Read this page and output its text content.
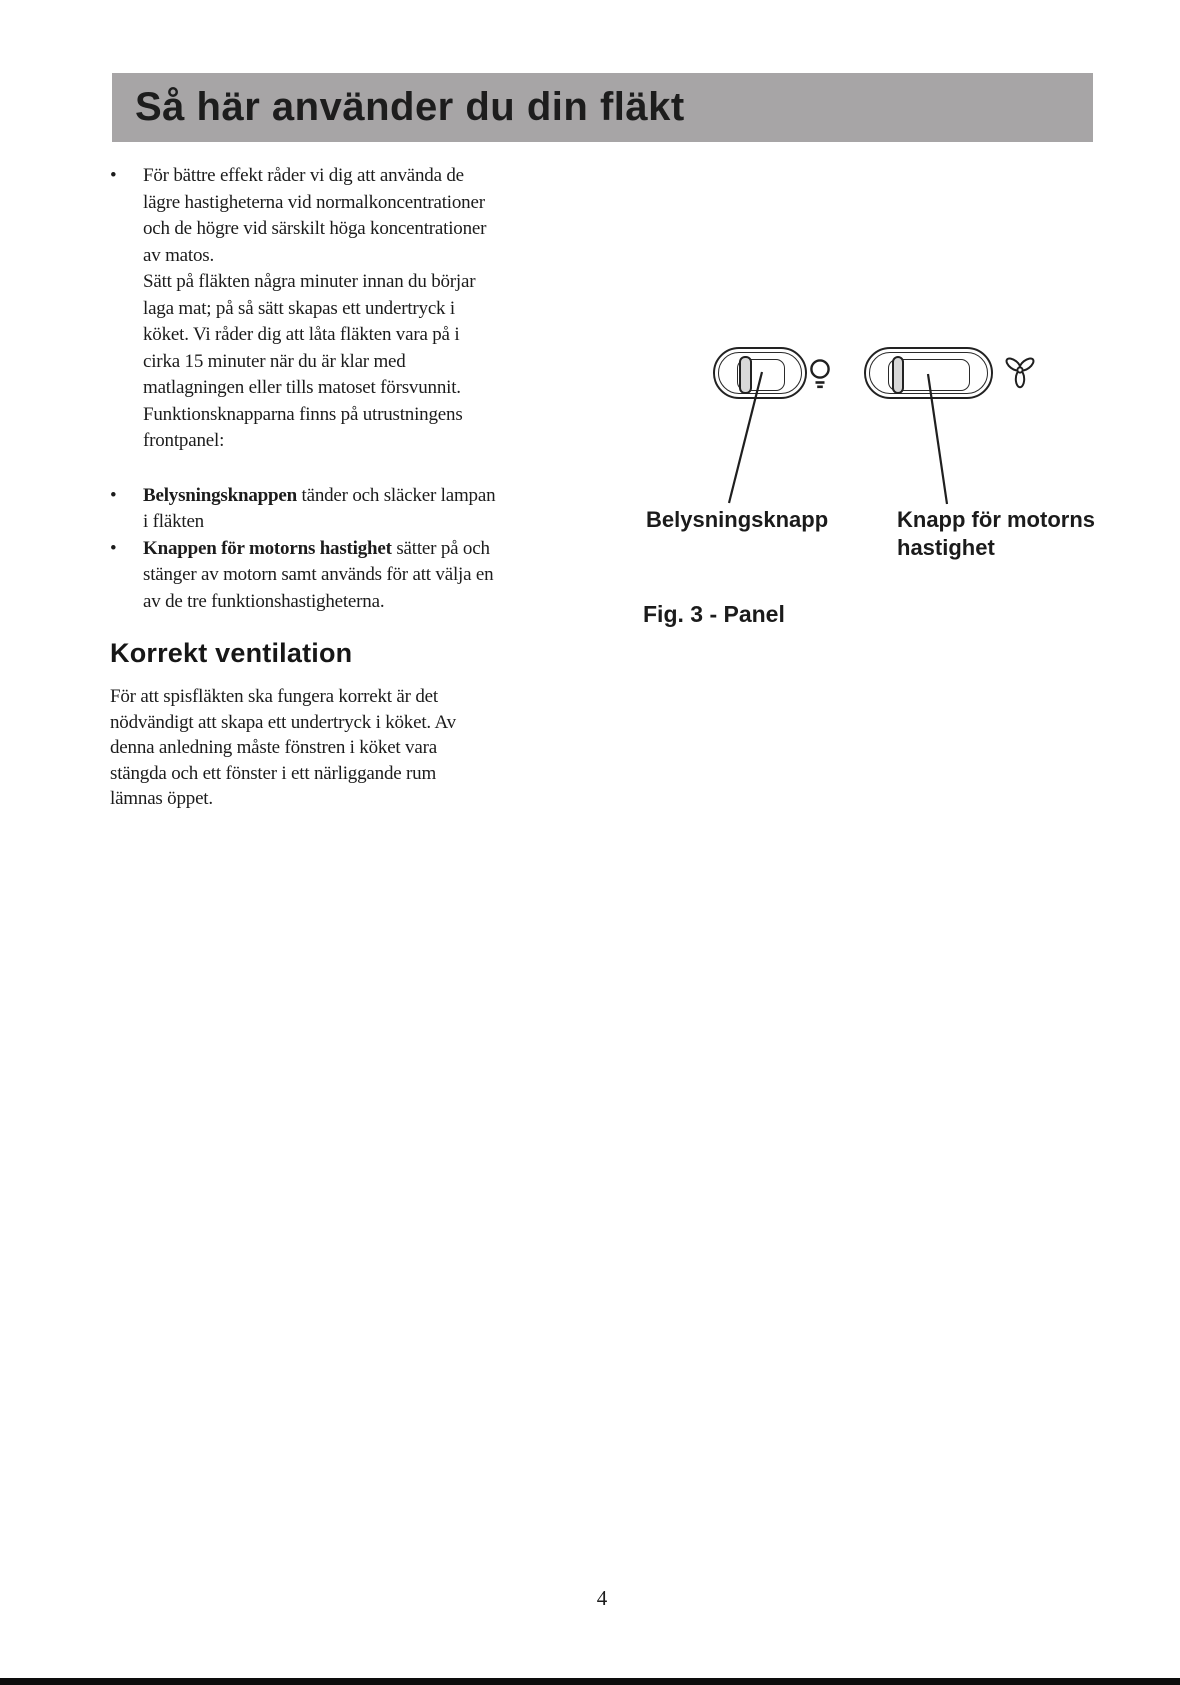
Så här använder du din fläkt
•	För bättre effekt råder vi dig att använda de
lägre hastigheterna vid normalkoncentrationer
och de högre vid särskilt höga koncentrationer
av matos.
Sätt på fläkten några minuter innan du börjar
laga mat; på så sätt skapas ett undertryck i
köket. Vi råder dig att låta fläkten vara på i
cirka 15 minuter när du är klar med
matlagningen eller tills matoset försvunnit.
Funktionsknapparna finns på utrustningens
frontpanel:
•	Belysningsknappen tänder och släcker lampan
i fläkten
•	Knappen för motorns hastighet sätter på och
stänger av motorn samt används för att välja en
av de tre funktionshastigheterna.
Korrekt ventilation
För att spisfläkten ska fungera korrekt är det
nödvändigt att skapa ett undertryck i köket. Av
denna anledning måste fönstren i köket vara
stängda och ett fönster i ett närliggande rum
lämnas öppet.
Belysningsknapp	Knapp för motorns
hastighet
Fig. 3 - Panel
4
